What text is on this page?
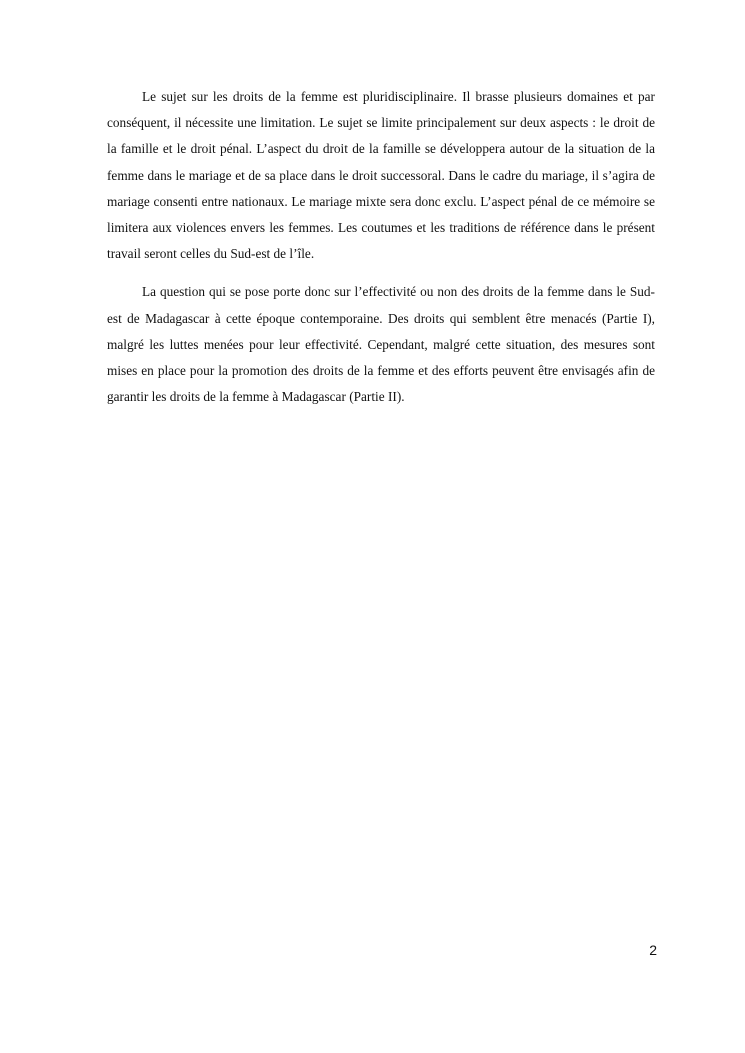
Le sujet sur les droits de la femme est pluridisciplinaire. Il brasse plusieurs domaines et par conséquent, il nécessite une limitation. Le sujet se limite principalement sur deux aspects : le droit de la famille et le droit pénal. L’aspect du droit de la famille se développera autour de la situation de la femme dans le mariage et de sa place dans le droit successoral. Dans le cadre du mariage, il s’agira de mariage consenti entre nationaux. Le mariage mixte sera donc exclu. L’aspect pénal de ce mémoire se limitera aux violences envers les femmes. Les coutumes et les traditions de référence dans le présent travail seront celles du Sud-est de l’île.

La question qui se pose porte donc sur l’effectivité ou non des droits de la femme dans le Sud-est de Madagascar à cette époque contemporaine. Des droits qui semblent être menacés (Partie I), malgré les luttes menées pour leur effectivité. Cependant, malgré cette situation, des mesures sont mises en place pour la promotion des droits de la femme et des efforts peuvent être envisagés afin de garantir les droits de la femme à Madagascar (Partie II).

2
